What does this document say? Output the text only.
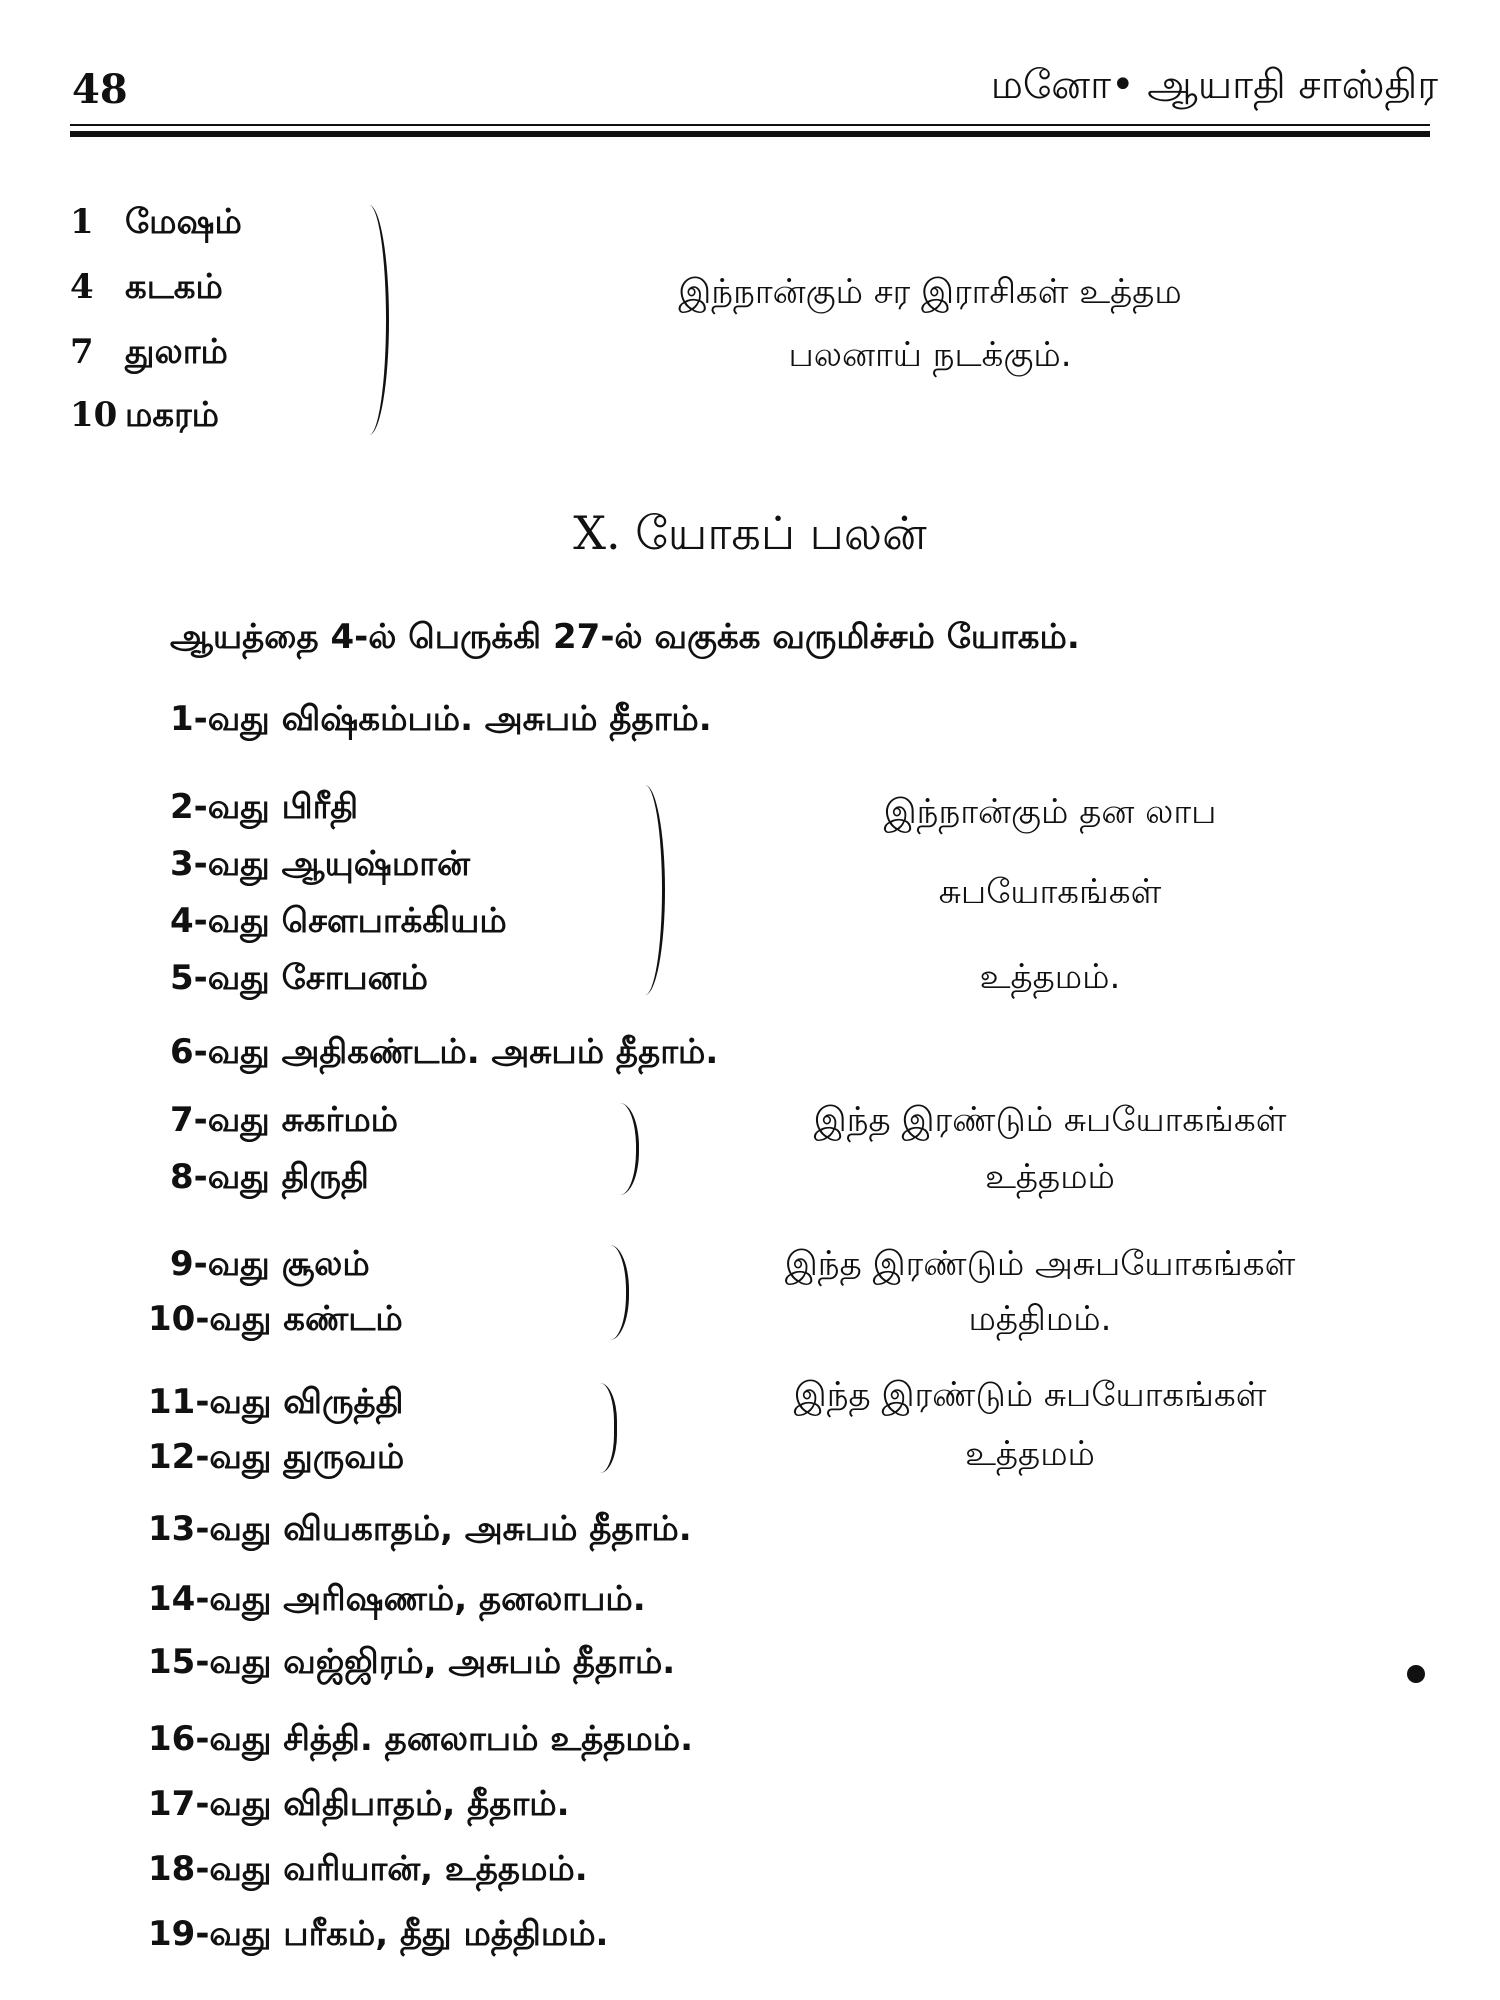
48	மனோ• ஆயாதி சாஸ்திர
1 மேஷம்
4 கடகம்
7 துலாம்
10 மகரம்
இந்நான்கும் சர இராசிகள் உத்தம
பலனாய் நடக்கும்.
X. யோகப் பலன்
ஆயத்தை 4-ல் பெருக்கி 27-ல் வகுக்க வருமிச்சம் யோகம்.
1-வது விஷ்கம்பம். அசுபம் தீதாம்.
2-வது பிரீதி
3-வது ஆயுஷ்மான்
4-வது சௌபாக்கியம்
5-வது சோபனம்
இந்நான்கும் தன லாப
சுபயோகங்கள்
உத்தமம்.
6-வது அதிகண்டம். அசுபம் தீதாம்.
7-வது சுகர்மம்
8-வது திருதி
இந்த இரண்டும் சுபயோகங்கள்
உத்தமம்
9-வது சூலம்
10-வது கண்டம்
இந்த இரண்டும் அசுபயோகங்கள்
மத்திமம்.
11-வது விருத்தி
12-வது துருவம்
இந்த இரண்டும் சுபயோகங்கள்
உத்தமம்
13-வது வியகாதம், அசுபம் தீதாம்.
14-வது அரிஷணம், தனலாபம்.
15-வது வஜ்ஜிரம், அசுபம் தீதாம்.
16-வது சித்தி. தனலாபம் உத்தமம்.
17-வது விதிபாதம், தீதாம்.
18-வது வரியான், உத்தமம்.
19-வது பரீகம், தீது மத்திமம்.
